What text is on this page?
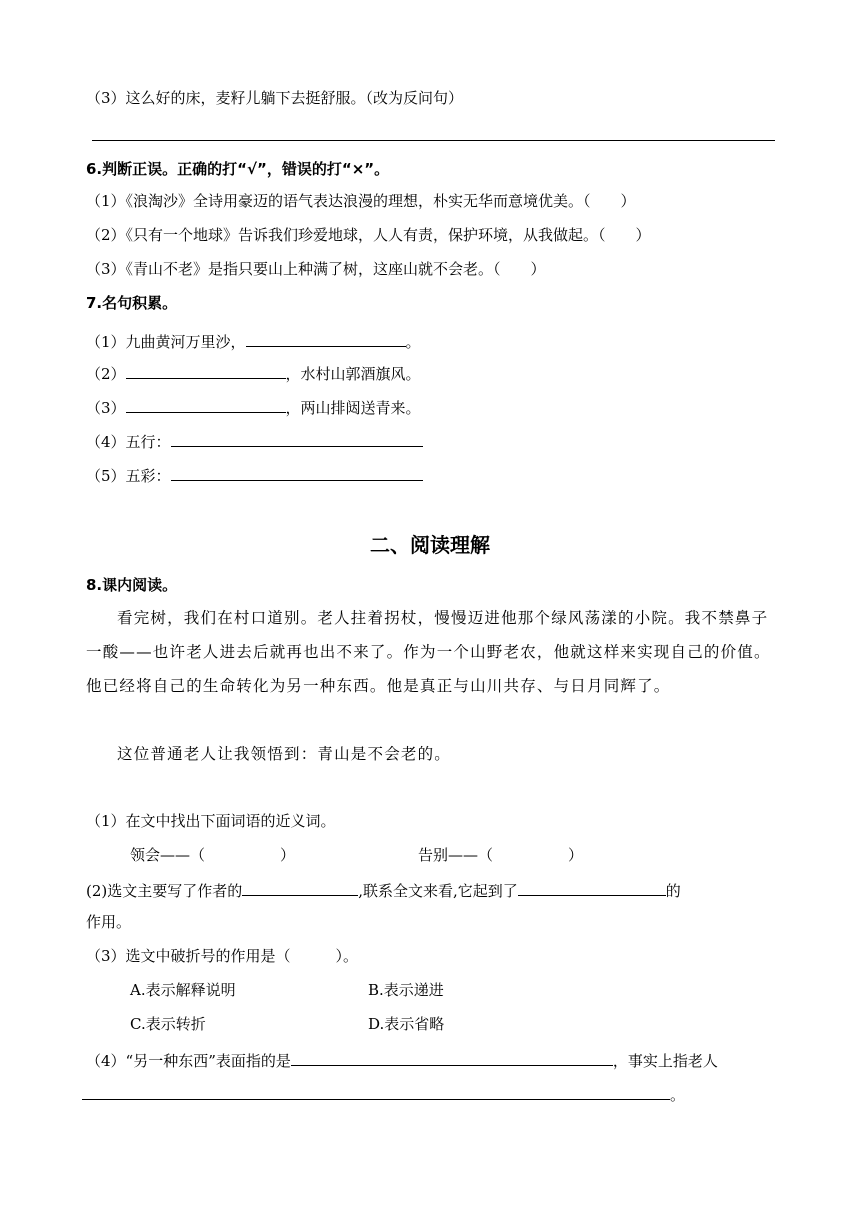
（3）这么好的床，麦籽儿躺下去挺舒服。（改为反问句）
6.判断正误。正确的打“√”，错误的打“×”。
（1）《浪淘沙》全诗用豪迈的语气表达浪漫的理想，朴实无华而意境优美。（　　）
（2）《只有一个地球》告诉我们珍爱地球，人人有责，保护环境，从我做起。（　　）
（3）《青山不老》是指只要山上种满了树，这座山就不会老。（　　）
7.名句积累。
（1）九曲黄河万里沙，	。
（2）	，水村山郭酒旗风。
（3）	，两山排闼送青来。
（4）五行：
（5）五彩：
二、阅读理解
8.课内阅读。
看完树，我们在村口道别。老人拄着拐杖，慢慢迈进他那个绿风荡漾的小院。我不禁鼻子一酸——也许老人进去后就再也出不来了。作为一个山野老农，他就这样来实现自己的价值。他已经将自己的生命转化为另一种东西。他是真正与山川共存、与日月同辉了。
这位普通老人让我领悟到：青山是不会老的。
（1）在文中找出下面词语的近义词。
领会——（　　　　　）	告别——（　　　　　）
(2)选文主要写了作者的	,联系全文来看,它起到了	的
作用。
（3）选文中破折号的作用是（　　　）。
A.表示解释说明	B.表示递进
C.表示转折	D.表示省略
（4）“另一种东西”表面指的是	，事实上指老人
。
